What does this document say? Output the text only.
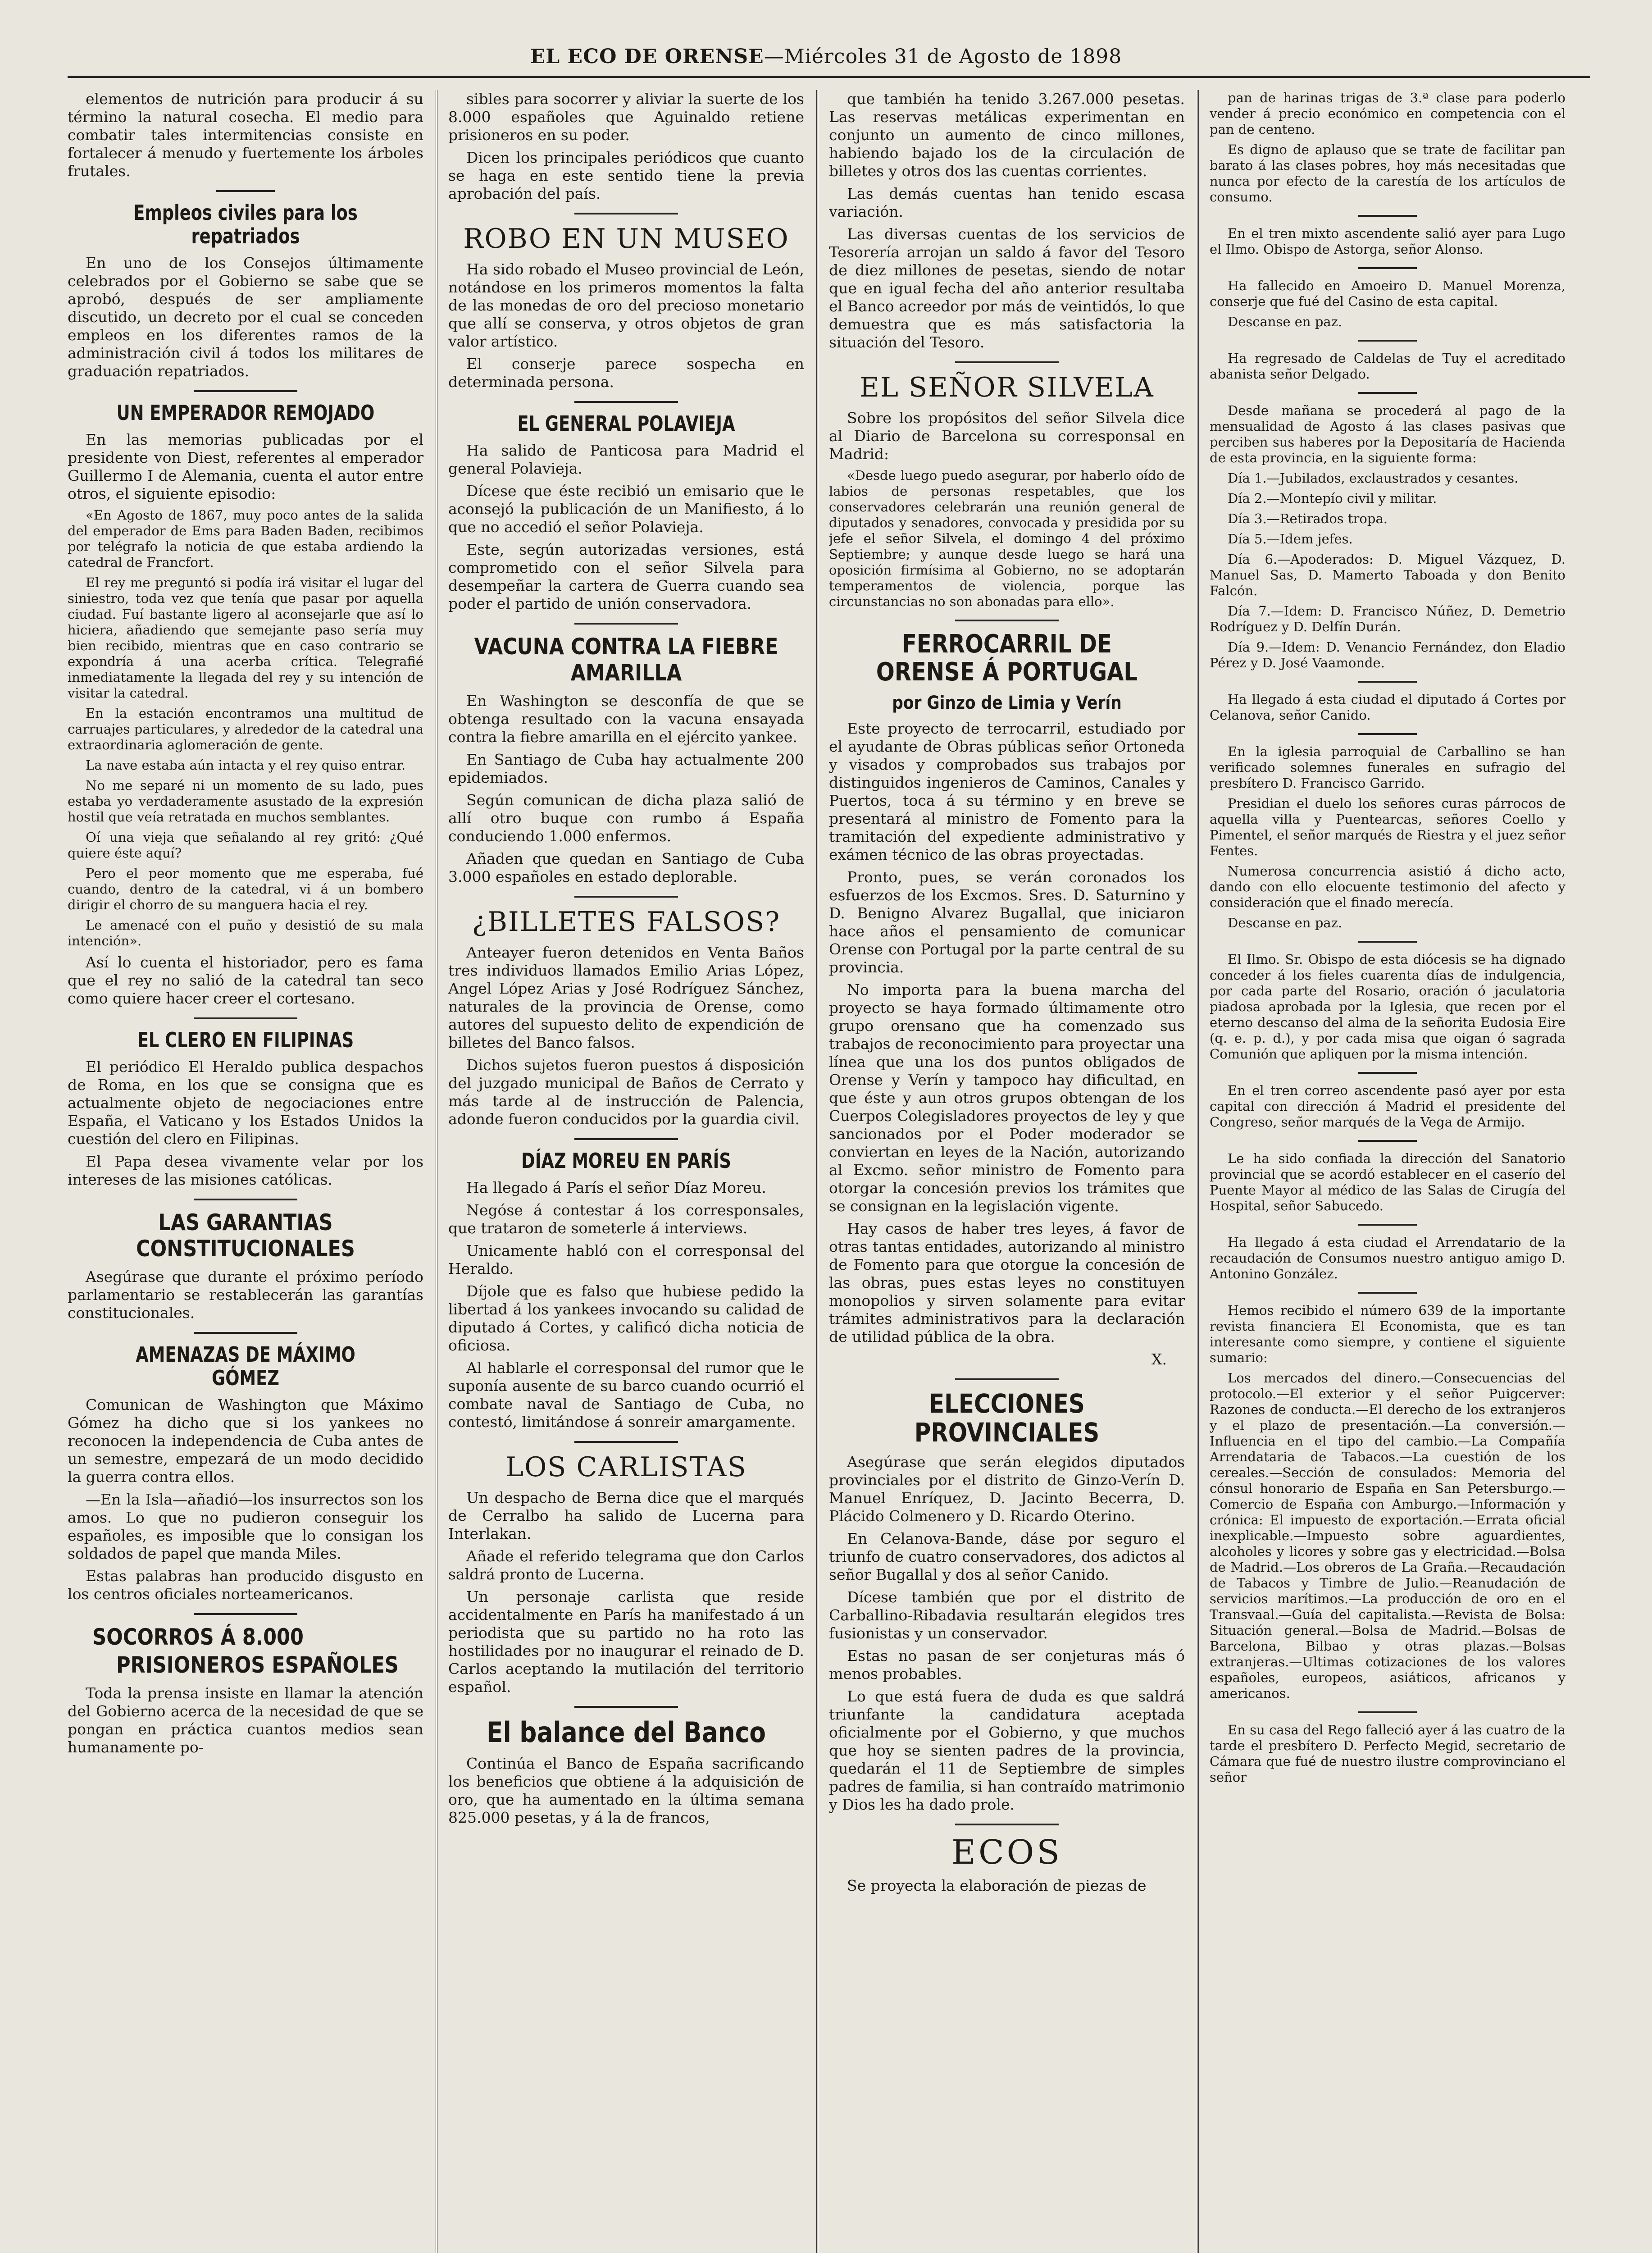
EL ECO DE ORENSE—Miércoles 31 de Agosto de 1898

elementos de nutrición para producir á su término la natural cosecha. El medio para combatir tales intermitencias consiste en fortalecer á menudo y fuertemente los árboles frutales.

Empleos civiles para los repatriados

En uno de los Consejos últimamente celebrados por el Gobierno se sabe que se aprobó, después de ser ampliamente discutido, un decreto por el cual se conceden empleos en los diferentes ramos de la administración civil á todos los militares de graduación repatriados.

UN EMPERADOR REMOJADO

En las memorias publicadas por el presidente von Diest, referentes al emperador Guillermo I de Alemania, cuenta el autor entre otros, el siguiente episodio:

«En Agosto de 1867, muy poco antes de la salida del emperador de Ems para Baden Baden, recibimos por telégrafo la noticia de que estaba ardiendo la catedral de Francfort.

El rey me preguntó si podía irá visitar el lugar del siniestro, toda vez que tenía que pasar por aquella ciudad. Fuí bastante ligero al aconsejarle que así lo hiciera, añadiendo que semejante paso sería muy bien recibido, mientras que en caso contrario se expondría á una acerba crítica. Telegrafié inmediatamente la llegada del rey y su intención de visitar la catedral.

En la estación encontramos una multitud de carruajes particulares, y alrededor de la catedral una extraordinaria aglomeración de gente.

La nave estaba aún intacta y el rey quiso entrar.

No me separé ni un momento de su lado, pues estaba yo verdaderamente asustado de la expresión hostil que veía retratada en muchos semblantes.

Oí una vieja que señalando al rey gritó: ¿Qué quiere éste aquí?

Pero el peor momento que me esperaba, fué cuando, dentro de la catedral, vi á un bombero dirigir el chorro de su manguera hacia el rey.

Le amenacé con el puño y desistió de su mala intención».

Así lo cuenta el historiador, pero es fama que el rey no salió de la catedral tan seco como quiere hacer creer el cortesano.

EL CLERO EN FILIPINAS

El periódico El Heraldo publica despachos de Roma, en los que se consigna que es actualmente objeto de negociaciones entre España, el Vaticano y los Estados Unidos la cuestión del clero en Filipinas.

El Papa desea vivamente velar por los intereses de las misiones católicas.

LAS GARANTIAS CONSTITUCIONALES

Asegúrase que durante el próximo período parlamentario se restablecerán las garantías constitucionales.

AMENAZAS DE MÁXIMO GÓMEZ

Comunican de Washington que Máximo Gómez ha dicho que si los yankees no reconocen la independencia de Cuba antes de un semestre, empezará de un modo decidido la guerra contra ellos.

—En la Isla—añadió—los insurrectos son los amos. Lo que no pudieron conseguir los españoles, es imposible que lo consigan los soldados de papel que manda Miles.

Estas palabras han producido disgusto en los centros oficiales norteamericanos.

SOCORROS Á 8.000
PRISIONEROS ESPAÑOLES

Toda la prensa insiste en llamar la atención del Gobierno acerca de la necesidad de que se pongan en práctica cuantos medios sean humanamente po-

sibles para socorrer y aliviar la suerte de los 8.000 españoles que Aguinaldo retiene prisioneros en su poder.

Dicen los principales periódicos que cuanto se haga en este sentido tiene la previa aprobación del país.

ROBO EN UN MUSEO

Ha sido robado el Museo provincial de León, notándose en los primeros momentos la falta de las monedas de oro del precioso monetario que allí se conserva, y otros objetos de gran valor artístico.

El conserje parece sospecha en determinada persona.

EL GENERAL POLAVIEJA

Ha salido de Panticosa para Madrid el general Polavieja.

Dícese que éste recibió un emisario que le aconsejó la publicación de un Manifiesto, á lo que no accedió el señor Polavieja.

Este, según autorizadas versiones, está comprometido con el señor Silvela para desempeñar la cartera de Guerra cuando sea poder el partido de unión conservadora.

VACUNA CONTRA LA FIEBRE AMARILLA

En Washington se desconfía de que se obtenga resultado con la vacuna ensayada contra la fiebre amarilla en el ejército yankee.

En Santiago de Cuba hay actualmente 200 epidemiados.

Según comunican de dicha plaza salió de allí otro buque con rumbo á España conduciendo 1.000 enfermos.

Añaden que quedan en Santiago de Cuba 3.000 españoles en estado deplorable.

¿BILLETES FALSOS?

Anteayer fueron detenidos en Venta Baños tres individuos llamados Emilio Arias López, Angel López Arias y José Rodríguez Sánchez, naturales de la provincia de Orense, como autores del supuesto delito de expendición de billetes del Banco falsos.

Dichos sujetos fueron puestos á disposición del juzgado municipal de Baños de Cerrato y más tarde al de instrucción de Palencia, adonde fueron conducidos por la guardia civil.

DÍAZ MOREU EN PARÍS

Ha llegado á París el señor Díaz Moreu.

Negóse á contestar á los corresponsales, que trataron de someterle á interviews.

Unicamente habló con el corresponsal del Heraldo.

Díjole que es falso que hubiese pedido la libertad á los yankees invocando su calidad de diputado á Cortes, y calificó dicha noticia de oficiosa.

Al hablarle el corresponsal del rumor que le suponía ausente de su barco cuando ocurrió el combate naval de Santiago de Cuba, no contestó, limitándose á sonreir amargamente.

LOS CARLISTAS

Un despacho de Berna dice que el marqués de Cerralbo ha salido de Lucerna para Interlakan.

Añade el referido telegrama que don Carlos saldrá pronto de Lucerna.

Un personaje carlista que reside accidentalmente en París ha manifestado á un periodista que su partido no ha roto las hostilidades por no inaugurar el reinado de D. Carlos aceptando la mutilación del territorio español.

El balance del Banco

Continúa el Banco de España sacrificando los beneficios que obtiene á la adquisición de oro, que ha aumentado en la última semana 825.000 pesetas, y á la de francos,

que también ha tenido 3.267.000 pesetas. Las reservas metálicas experimentan en conjunto un aumento de cinco millones, habiendo bajado los de la circulación de billetes y otros dos las cuentas corrientes.

Las demás cuentas han tenido escasa variación.

Las diversas cuentas de los servicios de Tesorería arrojan un saldo á favor del Tesoro de diez millones de pesetas, siendo de notar que en igual fecha del año anterior resultaba el Banco acreedor por más de veintidós, lo que demuestra que es más satisfactoria la situación del Tesoro.

EL SEÑOR SILVELA

Sobre los propósitos del señor Silvela dice al Diario de Barcelona su corresponsal en Madrid:

«Desde luego puedo asegurar, por haberlo oído de labios de personas respetables, que los conservadores celebrarán una reunión general de diputados y senadores, convocada y presidida por su jefe el señor Silvela, el domingo 4 del próximo Septiembre; y aunque desde luego se hará una oposición firmísima al Gobierno, no se adoptarán temperamentos de violencia, porque las circunstancias no son abonadas para ello».

FERROCARRIL DE ORENSE Á PORTUGAL
por Ginzo de Limia y Verín

Este proyecto de terrocarril, estudiado por el ayudante de Obras públicas señor Ortoneda y visados y comprobados sus trabajos por distinguidos ingenieros de Caminos, Canales y Puertos, toca á su término y en breve se presentará al ministro de Fomento para la tramitación del expediente administrativo y exámen técnico de las obras proyectadas.

Pronto, pues, se verán coronados los esfuerzos de los Excmos. Sres. D. Saturnino y D. Benigno Alvarez Bugallal, que iniciaron hace años el pensamiento de comunicar Orense con Portugal por la parte central de su provincia.

No importa para la buena marcha del proyecto se haya formado últimamente otro grupo orensano que ha comenzado sus trabajos de reconocimiento para proyectar una línea que una los dos puntos obligados de Orense y Verín y tampoco hay dificultad, en que éste y aun otros grupos obtengan de los Cuerpos Colegisladores proyectos de ley y que sancionados por el Poder moderador se conviertan en leyes de la Nación, autorizando al Excmo. señor ministro de Fomento para otorgar la concesión previos los trámites que se consignan en la legislación vigente.

Hay casos de haber tres leyes, á favor de otras tantas entidades, autorizando al ministro de Fomento para que otorgue la concesión de las obras, pues estas leyes no constituyen monopolios y sirven solamente para evitar trámites administrativos para la declaración de utilidad pública de la obra.

X.

ELECCIONES PROVINCIALES

Asegúrase que serán elegidos diputados provinciales por el distrito de Ginzo-Verín D. Manuel Enríquez, D. Jacinto Becerra, D. Plácido Colmenero y D. Ricardo Oterino.

En Celanova-Bande, dáse por seguro el triunfo de cuatro conservadores, dos adictos al señor Bugallal y dos al señor Canido.

Dícese también que por el distrito de Carballino-Ribadavia resultarán elegidos tres fusionistas y un conservador.

Estas no pasan de ser conjeturas más ó menos probables.

Lo que está fuera de duda es que saldrá triunfante la candidatura aceptada oficialmente por el Gobierno, y que muchos que hoy se sienten padres de la provincia, quedarán el 11 de Septiembre de simples padres de familia, si han contraído matrimonio y Dios les ha dado prole.

ECOS

Se proyecta la elaboración de piezas de

pan de harinas trigas de 3.ª clase para poderlo vender á precio económico en competencia con el pan de centeno.

Es digno de aplauso que se trate de facilitar pan barato á las clases pobres, hoy más necesitadas que nunca por efecto de la carestía de los artículos de consumo.

En el tren mixto ascendente salió ayer para Lugo el Ilmo. Obispo de Astorga, señor Alonso.

Ha fallecido en Amoeiro D. Manuel Morenza, conserje que fué del Casino de esta capital.

Descanse en paz.

Ha regresado de Caldelas de Tuy el acreditado abanista señor Delgado.

Desde mañana se procederá al pago de la mensualidad de Agosto á las clases pasivas que perciben sus haberes por la Depositaría de Hacienda de esta provincia, en la siguiente forma:

Día 1.—Jubilados, exclaustrados y cesantes.

Día 2.—Montepío civil y militar.

Día 3.—Retirados tropa.

Día 5.—Idem jefes.

Día 6.—Apoderados: D. Miguel Vázquez, D. Manuel Sas, D. Mamerto Taboada y don Benito Falcón.

Día 7.—Idem: D. Francisco Núñez, D. Demetrio Rodríguez y D. Delfín Durán.

Día 9.—Idem: D. Venancio Fernández, don Eladio Pérez y D. José Vaamonde.

Ha llegado á esta ciudad el diputado á Cortes por Celanova, señor Canido.

En la iglesia parroquial de Carballino se han verificado solemnes funerales en sufragio del presbítero D. Francisco Garrido.

Presidian el duelo los señores curas párrocos de aquella villa y Puentearcas, señores Coello y Pimentel, el señor marqués de Riestra y el juez señor Fentes.

Numerosa concurrencia asistió á dicho acto, dando con ello elocuente testimonio del afecto y consideración que el finado merecía.

Descanse en paz.

El Ilmo. Sr. Obispo de esta diócesis se ha dignado conceder á los fieles cuarenta días de indulgencia, por cada parte del Rosario, oración ó jaculatoria piadosa aprobada por la Iglesia, que recen por el eterno descanso del alma de la señorita Eudosia Eire (q. e. p. d.), y por cada misa que oigan ó sagrada Comunión que apliquen por la misma intención.

En el tren correo ascendente pasó ayer por esta capital con dirección á Madrid el presidente del Congreso, señor marqués de la Vega de Armijo.

Le ha sido confiada la dirección del Sanatorio provincial que se acordó establecer en el caserío del Puente Mayor al médico de las Salas de Cirugía del Hospital, señor Sabucedo.

Ha llegado á esta ciudad el Arrendatario de la recaudación de Consumos nuestro antiguo amigo D. Antonino González.

Hemos recibido el número 639 de la importante revista financiera El Economista, que es tan interesante como siempre, y contiene el siguiente sumario:

Los mercados del dinero.—Consecuencias del protocolo.—El exterior y el señor Puigcerver: Razones de conducta.—El derecho de los extranjeros y el plazo de presentación.—La conversión.—Influencia en el tipo del cambio.—La Compañía Arrendataria de Tabacos.—La cuestión de los cereales.—Sección de consulados: Memoria del cónsul honorario de España en San Petersburgo.—Comercio de España con Amburgo.—Información y crónica: El impuesto de exportación.—Errata oficial inexplicable.—Impuesto sobre aguardientes, alcoholes y licores y sobre gas y electricidad.—Bolsa de Madrid.—Los obreros de La Graña.—Recaudación de Tabacos y Timbre de Julio.—Reanudación de servicios marítimos.—La producción de oro en el Transvaal.—Guía del capitalista.—Revista de Bolsa: Situación general.—Bolsa de Madrid.—Bolsas de Barcelona, Bilbao y otras plazas.—Bolsas extranjeras.—Ultimas cotizaciones de los valores españoles, europeos, asiáticos, africanos y americanos.

En su casa del Rego falleció ayer á las cuatro de la tarde el presbítero D. Perfecto Megid, secretario de Cámara que fué de nuestro ilustre comprovinciano el señor
